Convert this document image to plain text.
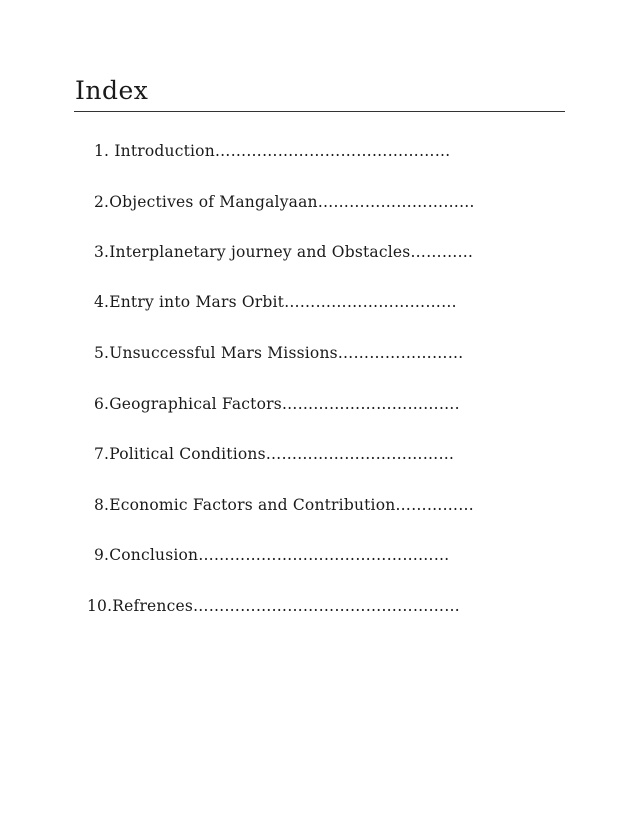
Index
1. Introduction………………………………………
2.Objectives of Mangalyaan…………………………
3.Interplanetary journey and Obstacles…………
4.Entry into Mars Orbit……………………………
5.Unsuccessful Mars Missions……………………
6.Geographical Factors…………………………….
7.Political Conditions………………………………
8.Economic Factors and Contribution……………
9.Conclusion…………………………………………
10.Refrences……………………………………………
